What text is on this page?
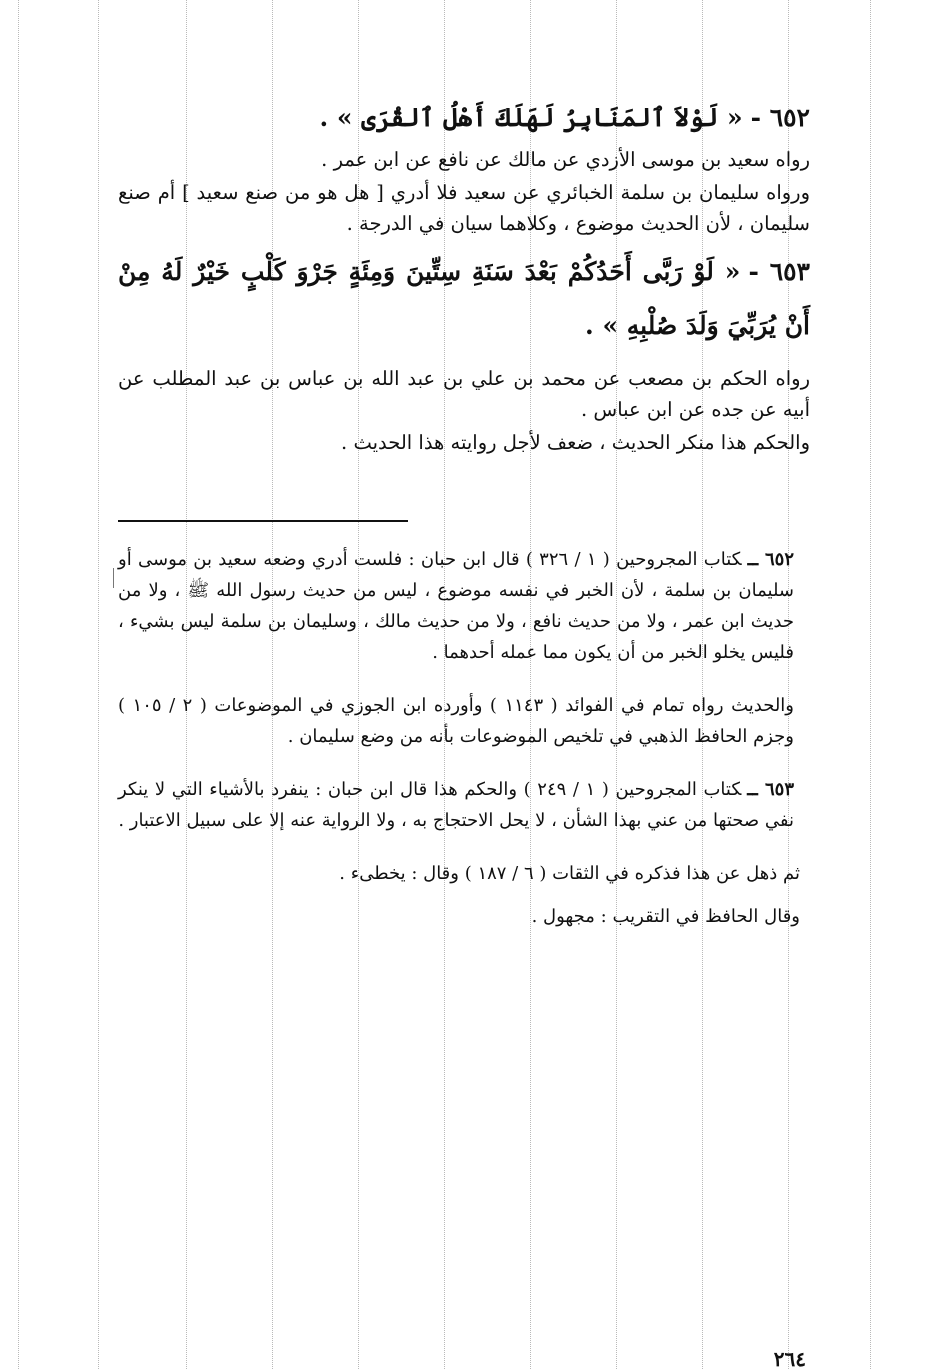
٦٥٢ -« لَوْلاَ ٱلمَنَابِرُ لَهَلَكَ أَهْلُ ٱلقُرَى » .

رواه سعيد بن موسى الأزدي عن مالك عن نافع عن ابن عمر .

ورواه سليمان بن سلمة الخبائري عن سعيد فلا أدري [ هل هو من صنع سعيد ] أم صنع سليمان ، لأن الحديث موضوع ، وكلاهما سيان في الدرجة .

٦٥٣ -« لَوْ رَبَّى أَحَدُكُمْ بَعْدَ سَنَةِ سِتِّينَ وَمِئَةٍ جَرْوَ كَلْبٍ خَيْرٌ لَهُ مِنْ أَنْ يُرَبِّيَ وَلَدَ صُلْبِهِ » .

رواه الحكم بن مصعب عن محمد بن علي بن عبد الله بن عباس بن عبد المطلب عن أبيه عن جده عن ابن عباس .

والحكم هذا منكر الحديث ، ضعف لأجل روايته هذا الحديث .

٦٥٢ ــكتاب المجروحين ( ١ / ٣٢٦ ) قال ابن حبان : فلست أدري وضعه سعيد بن موسى أو سليمان بن سلمة ، لأن الخبر في نفسه موضوع ، ليس من حديث رسول الله ﷺ ، ولا من حديث ابن عمر ، ولا من حديث نافع ، ولا من حديث مالك ، وسليمان بن سلمة ليس بشيء ، فليس يخلو الخبر من أن يكون مما عمله أحدهما .

والحديث رواه تمام في الفوائد ( ١١٤٣ ) وأورده ابن الجوزي في الموضوعات ( ٢ / ١٠٥ ) وجزم الحافظ الذهبي في تلخيص الموضوعات بأنه من وضع سليمان .

٦٥٣ ــكتاب المجروحين ( ١ / ٢٤٩ ) والحكم هذا قال ابن حبان : ينفرد بالأشياء التي لا ينكر نفي صحتها من عني بهذا الشأن ، لا يحل الاحتجاج به ، ولا الرواية عنه إلا على سبيل الاعتبار .

ثم ذهل عن هذا فذكره في الثقات ( ٦ / ١٨٧ ) وقال : يخطىء .

وقال الحافظ في التقريب : مجهول .

٢٦٤
